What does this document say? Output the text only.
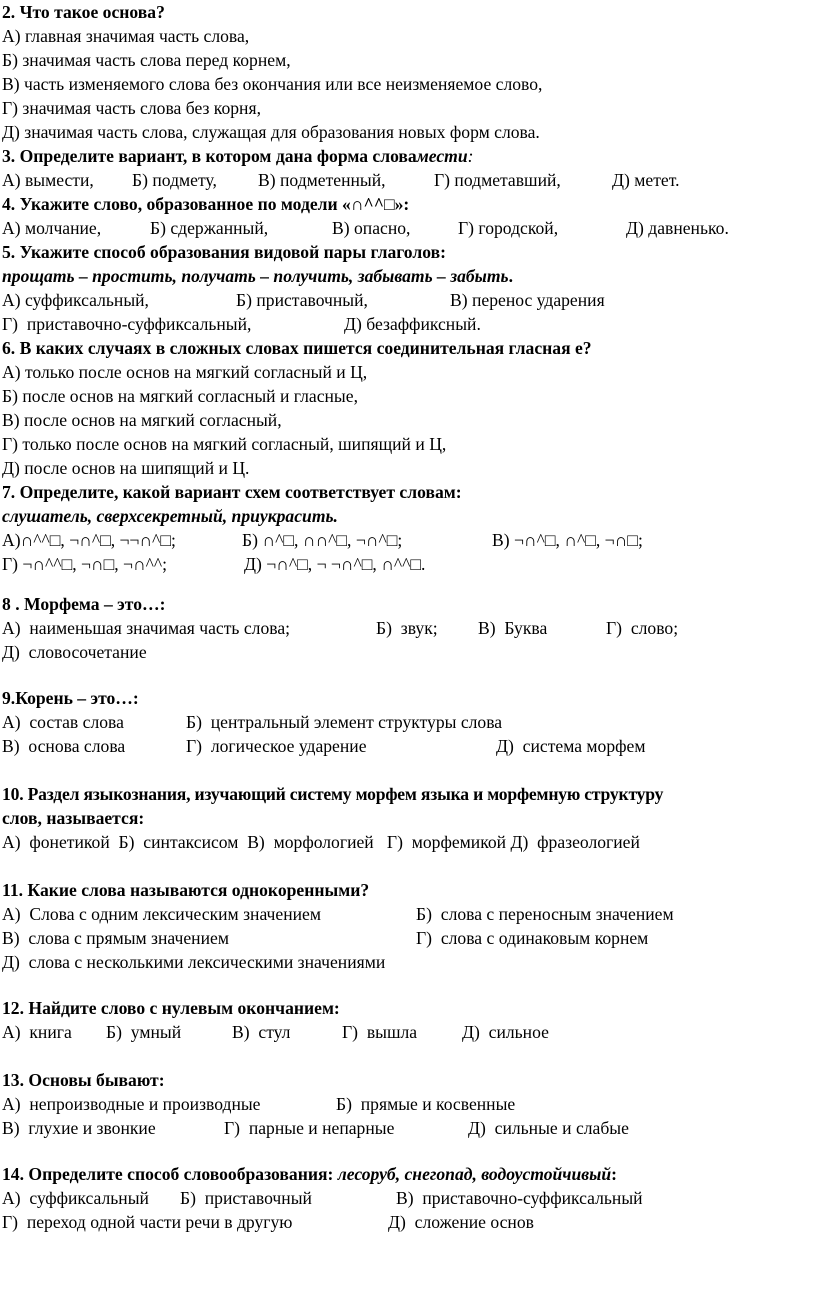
2. Что такое основа?
А) главная значимая часть слова,
Б) значимая часть слова перед корнем,
В) часть изменяемого слова без окончания или все неизменяемое слово,
Г) значимая часть слова без корня,
Д) значимая часть слова, служащая для образования новых форм слова.
3. Определите вариант, в котором дана форма словамести:

А) вымести,

Б) подмету,

В) подметенный,

	Г) подметавший,

	Д) метет.

4. Укажите слово, образованное по модели «∩^^□»:

А) молчание,

	Б) сдержанный,

	В) опасно,

	Г) городской,

	Д) давненько.

5. Укажите способ образования видовой пары глаголов:
прощать – простить, получать – получить, забывать – забыть.

А) суффиксальный,

	Б) приставочный,

	В) перенос ударения

Г)  приставочно-суффиксальный,

	Д) безаффиксный.

6. В каких случаях в сложных словах пишется соединительная гласная е?
А) только после основ на мягкий согласный и Ц,
Б) после основ на мягкий согласный и гласные,
В) после основ на мягкий согласный,
Г) только после основ на мягкий согласный, шипящий и Ц,
Д) после основ на шипящий и Ц.
7. Определите, какой вариант схем соответствует словам:
слушатель, сверхсекретный, приукрасить.

А)∩^^□, ¬∩^□, ¬¬∩^□;

	Б) ∩^□, ∩∩^□, ¬∩^□;

	В) ¬∩^□, ∩^□, ¬∩□;

Г) ¬∩^^□, ¬∩□, ¬∩^^;

	Д) ¬∩^□, ¬ ¬∩^□, ∩^^□.

8 . Морфема – это…:

А)  наименьшая значимая часть слова;

	Б)  звук;

В)  Буква

	Г)  слово;

Д)  словосочетание
9.Корень – это…:

А)  состав слова

	Б)  центральный элемент структуры слова

В)  основа слова

	Г)  логическое ударение

	Д)  система морфем

10. Раздел языкознания, изучающий систему морфем языка и морфемную структуру
слов, называется:
А)  фонетикой  Б)  синтаксисом  В)  морфологией   Г)  морфемикой Д)  фразеологией
11. Какие слова называются однокоренными?

А)  Слова с одним лексическим значением

	Б)  слова с переносным значением

В)  слова с прямым значением

	Г)  слова с одинаковым корнем

Д)  слова с несколькими лексическими значениями
12. Найдите слово с нулевым окончанием:

А)  книга

Б)  умный

	В)  стул

	Г)  вышла

	Д)  сильное

13. Основы бывают:

А)  непроизводные и производные

	Б)  прямые и косвенные

В)  глухие и звонкие

	Г)  парные и непарные

	Д)  сильные и слабые

14. Определите способ словообразования: лесоруб, снегопад, водоустойчивый:

А)  суффиксальный

Б)  приставочный

	В)  приставочно-суффиксальный

Г)  переход одной части речи в другую

	Д)  сложение основ
